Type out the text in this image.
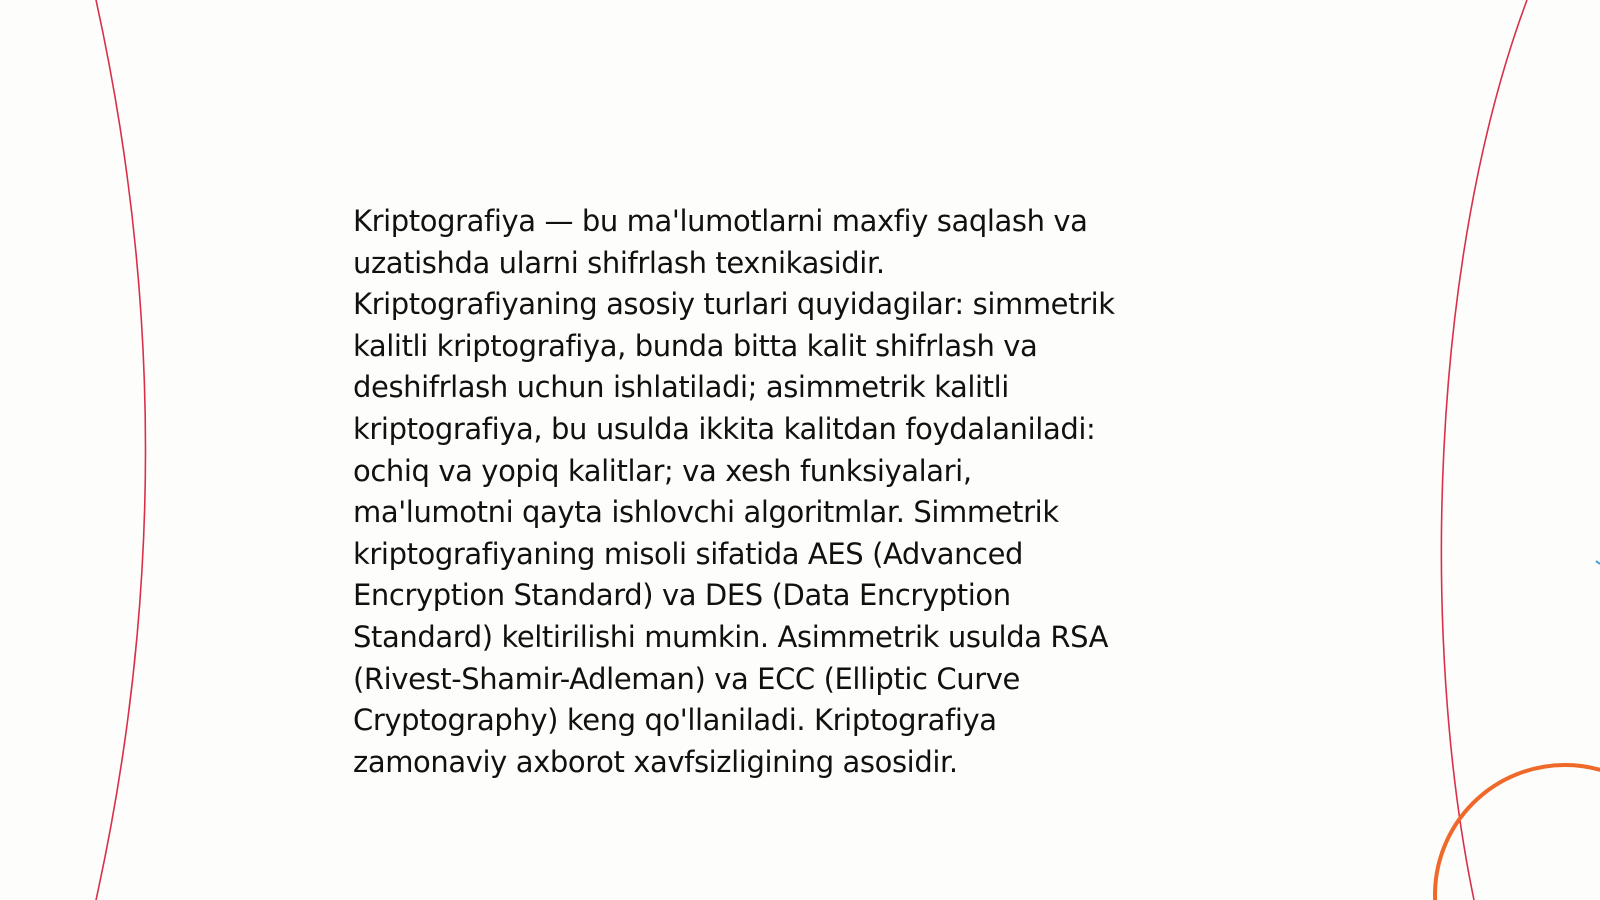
Kriptografiya — bu ma'lumotlarni maxfiy saqlash va
uzatishda ularni shifrlash texnikasidir.
Kriptografiyaning asosiy turlari quyidagilar: simmetrik
kalitli kriptografiya, bunda bitta kalit shifrlash va
deshifrlash uchun ishlatiladi; asimmetrik kalitli
kriptografiya, bu usulda ikkita kalitdan foydalaniladi:
ochiq va yopiq kalitlar; va xesh funksiyalari,
ma'lumotni qayta ishlovchi algoritmlar. Simmetrik
kriptografiyaning misoli sifatida AES (Advanced
Encryption Standard) va DES (Data Encryption
Standard) keltirilishi mumkin. Asimmetrik usulda RSA
(Rivest-Shamir-Adleman) va ECC (Elliptic Curve
Cryptography) keng qo'llaniladi. Kriptografiya
zamonaviy axborot xavfsizligining asosidir.
